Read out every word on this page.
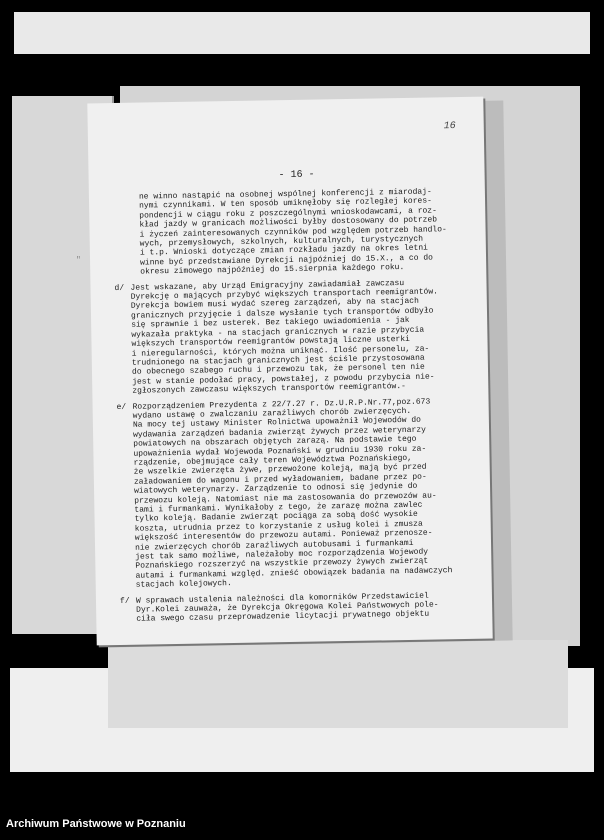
"
- 16 -
16

ne winno nastąpić na osobnej wspólnej konferencji z miarodaj-
nymi czynnikami. W ten sposób umiknęłoby się rozległej kores-
pondencji w ciągu roku z poszczególnymi wnioskodawcami, a roz-
kład jazdy w granicach możliwości byłby dostosowany do potrzeb
i życzeń zainteresowanych czynników pod względem potrzeb handlo-
wych, przemysłowych, szkolnych, kulturalnych, turystycznych
i t.p. Wnioski dotyczące zmian rozkładu jazdy na okres letni
winne być przedstawiane Dyrekcji najpóźniej do 15.X., a co do
okresu zimowego najpóźniej do 15.sierpnia każdego roku.

d/ Jest wskazane, aby Urząd Emigracyjny zawiadamiał zawczasu
Dyrekcję o mających przybyć większych transportach reemigrantów.
Dyrekcja bowiem musi wydać szereg zarządzeń, aby na stacjach
granicznych przyjęcie i dalsze wysłanie tych transportów odbyło
się sprawnie i bez usterek. Bez takiego uwiadomienia - jak
wykazała praktyka - na stacjach granicznych w razie przybycia
większych transportów reemigrantów powstają liczne usterki
i nieregularności, których można uniknąć. Ilość personelu, za-
trudnionego na stacjach granicznych jest ściśle przystosowana
do obecnego szabego ruchu i przewozu tak, że personel ten nie
jest w stanie podołać pracy, powstałej, z powodu przybycia nie-
zgłoszonych zawczasu większych transportów reemigrantów.-
e/ Rozporządzeniem Prezydenta z 22/7.27 r. Dz.U.R.P.Nr.77,poz.673
wydano ustawę o zwalczaniu zaraźliwych chorób zwierzęcych.
Na mocy tej ustawy Minister Rolnictwa upoważnił Wojewodów do
wydawania zarządzeń badania zwierząt żywych przez weterynarzy
powiatowych na obszarach objętych zarazą. Na podstawie tego
upoważnienia wydał Wojewoda Poznański w grudniu 1930 roku za-
rządzenie, obejmujące cały teren Województwa Poznańskiego,
że wszelkie zwierzęta żywe, przewożone koleją, mają być przed
załadowaniem do wagonu i przed wyładowaniem, badane przez po-
wiatowych weterynarzy. Zarządzenie to odnosi się jedynie do
przewozu koleją. Natomiast nie ma zastosowania do przewozów au-
tami i furmankami. Wynikałoby z tego, że zarazę można zawlec
tylko koleją. Badanie zwierząt pociąga za sobą dość wysokie
koszta, utrudnia przez to korzystanie z usług kolei i zmusza
większość interesentów do przewozu autami. Ponieważ przenosze-
nie zwierzęcych chorób zaraźliwych autobusami i furmankami
jest tak samo możliwe, należałoby moc rozporządzenia Wojewody
Poznańskiego rozszerzyć na wszystkie przewozy żywych zwierząt
autami i furmankami względ. znieść obowiązek badania na nadawczych
stacjach kolejowych.
f/ W sprawach ustalenia należności dla komorników Przedstawiciel
Dyr.Kolei zauważa, że Dyrekcja Okręgowa Kolei Państwowych pole-
ciła swego czasu przeprowadzenie licytacji prywatnego objektu
Archiwum Państwowe w Poznaniu
